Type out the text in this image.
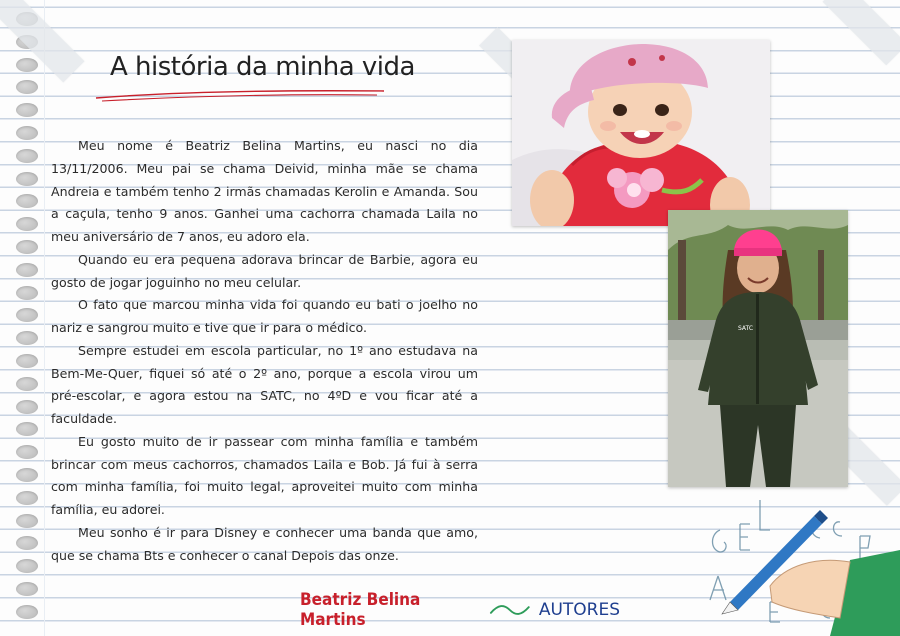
A história da minha vida

Meu nome é Beatriz Belina Martins, eu nasci no dia 13/11/2006. Meu pai se chama Deivid, minha mãe se chama Andreia e também tenho 2 irmãs chamadas Kerolin e Amanda. Sou a caçula, tenho 9 anos. Ganhei uma cachorra chamada Laila no meu aniversário de 7 anos, eu adoro ela.

Quando eu era pequena adorava brincar de Barbie, agora eu gosto de jogar joguinho no meu celular.

O fato que marcou minha vida foi quando eu bati o joelho no nariz e sangrou muito e tive que ir para o médico.

Sempre estudei em escola particular, no 1º ano estudava na Bem-Me-Quer, fiquei só até o 2º ano, porque a escola virou um pré-escolar, e agora estou na SATC, no 4ºD e vou ficar até a faculdade.

Eu gosto muito de ir passear com minha família e também brincar com meus cachorros, chamados Laila e Bob. Já fui à serra com minha família, foi muito legal, aproveitei muito com minha família, eu adorei.

Meu sonho é ir para Disney e conhecer uma banda que amo, que se chama Bts e conhecer o canal Depois das onze.

SATC
Beatriz Belina Martins	AUTORES
